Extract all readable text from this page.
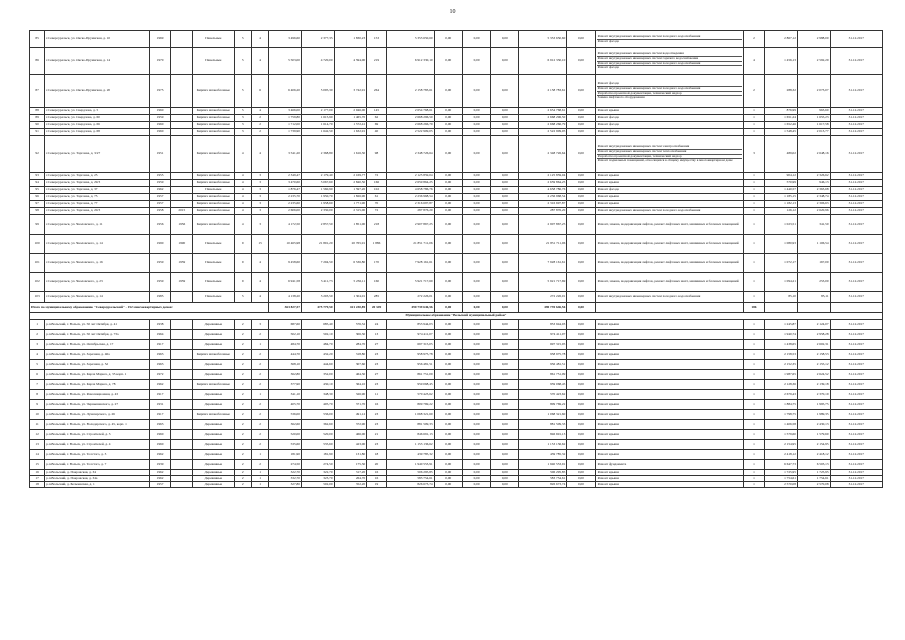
10
85	г.Североуральск, ул. Окско-Пруинская, д. 10	1969		Панельные	5	4	3 496,60	2 377,35	1 830,23	153	5 353 650,60	0,00	0,00	0,00	5 353 650,60	0,00	Ремонт внутридомовых инженерных систем холодного водоснабжения
Ремонт фасада	2	2 867,12	2 988,00	31.12.2017
86	г.Североуральск, ул. Окско-Пруинская, д. 14	1970		Панельные	5	4	5 503,00	4 720,00	4 594,00	219	6 912 330,10	0,00	0,00	0,00	6 912 330,10	0,00	Ремонт внутридомовых инженерных систем водоотведения
Ремонт внутридомовых инженерных систем горячего водоснабжения
Ремонт внутридомовых инженерных систем холодного водоснабжения
Ремонт фасада	4	1 456,13	2 592,29	31.12.2017
87	г.Североуральск, ул. Окско-Пруинская, д. 20	1975		Кирпич шлакоблочные	5	6	6 406,20	5 095,30	3 742,91	264	2 158 783,61	0,00	0,00	0,00	2 158 783,61	0,00	Ремонт фасада
Ремонт внутридомовых инженерных систем холодного водоснабжения
Разработка проектной документации, технический надзор
Замена лифтового оборудования	2	288,32	2 073,07	31.12.2017
88	г.Североуральск, ул. Свердлова, д. 5	1960		Кирпич шлакоблочные	5	4	3 466,00	2 177,00	2 946,00	145	2 654 768,61	0,00	0,00	0,00	2 654 768,61	0,00	Ремонт крыши	1	876,99	963,60	31.12.2017
89	г.Североуральск, ул. Свердлова, д. 60	1959		Кирпич шлакоблочные	3	2	1 759,80	1 615,90	1 465,70	62	2 668 296,50	0,00	0,00	0,00	2 668 296,50	0,00	Ремонт фасада	1	1 651,24	1 655,23	31.12.2017
90	г.Североуральск, ул. Свердлова, д. 66	1960		Кирпич шлакоблочные	3	2	1 712,00	1 614,70	1 572,41	69	2 668 266,79	0,00	0,00	0,00	2 668 266,79	0,00	Ремонт фасада	1	1 652,46	1 617,58	31.12.2017
91	г.Североуральск, ул. Свердлова, д. 68	1960		Кирпич шлакоблочные	3	2	1 739,90	1 642,50	1 632,91	40	2 522 909,05	0,00	0,00	0,00	2 522 909,05	0,00	Ремонт фасада	1	1 548,45	2 013,77	31.12.2017
92	г.Североуральск, ул. Торговая, д. 3/27	1951		Кирпич шлакоблочные	4	4	3 541,20	2 368,80	1 616,30	98	2 348 726,64	0,00	0,00	0,00	2 348 726,64	0,00	Ремонт внутридомовых инженерных систем электроснабжения
Ремонт внутридомовых инженерных систем теплоснабжения
Разработка проектной документации, технический надзор
Ремонт подвальных помещений, относящихся к общему имуществу в многоквартирном доме	3	489,02	2 648,16	31.12.2017
93	г.Североуральск, ул. Торговая, д. 25	1955		Кирпич шлакоблочные	4	3	2 349,47	2 179,40	2 169,77	72	2 125 859,04	0,00	0,00	0,00	2 125 859,04	0,00	Ремонт крыши	1	904,12	2 326,62	31.12.2017
94	г.Североуральск, ул. Торговая, д. 29/3	1959		Кирпич шлакоблочные	4	3	3 470,60	3 067,60	2 840,50	166	2 659 864,25	0,00	0,00	0,00	2 659 864,25	0,00	Ремонт крыши	1	570,99	946,13	31.12.2017
95	г.Североуральск, ул. Торговая, д. 37	1962		Панельные	4	3	1 876,47	1 560,90	1 597,20	102	4 658 786,76	0,00	0,00	0,00	4 658 786,76	0,00	Ремонт фасада	1	1 440,57	2 363,68	31.12.2017
96	г.Североуральск, ул. Торговая, д. 75	1957		Кирпич шлакоблочные	4	3	2 235,70	1 950,70	1 826,90	61	2 236 968,54	0,00	0,00	0,00	2 236 968,54	0,00	Ремонт крыши	1	1 185,15	2 348,74	31.12.2017
97	г.Североуральск, ул. Торговая, д. 77	1957		Кирпич шлакоблочные	4	3	2 235,60	1 958,60	1 771,90	70	2 316 697,87	0,00	0,00	0,00	2 316 697,87	0,00	Ремонт крыши	1	1 182,13	2 306,63	31.12.2017
98	г.Североуральск, ул. Торговая, д. 20/3	1958	2015	Кирпич шлакоблочные	4	3	2 606,00	2 330,00	2 315,00	72	287 876,20	0,00	0,00	0,00	287 876,20	0,00	Ремонт внутридомовых инженерных систем холодного водоснабжения	1	126,12	2 620,96	31.12.2017
99	г.Североуральск, ул. Чкаловского, д. 11	1956	1956	Кирпич шлакоблочные	4	3	4 172,50	2 857,50	1 851,00	218	2 907 867,25	0,00	0,00	0,00	2 907 867,25	0,00	Ремонт, замена, модернизация лифтов, ремонт лифтовых шахт, машинных и блочных помещений	1	1 023,51	341,50	31.12.2017
100	г.Североуральск, ул. Чкаловского, д. 14	1990	1990	Панельные	9	15	10 465,98	21 891,20	20 765,91	1 886	21 851 711,06	0,00	0,00	0,00	21 851 711,06	0,00	Ремонт, замена, модернизация лифтов, ремонт лифтовых шахт, машинных и блочных помещений	1	1 080,93	1 106,54	31.12.2017
101	г.Североуральск, ул. Чкаловского, д. 16	1959	1959	Панельные	9	4	9 458,60	7 294,50	6 536,80	170	7 928 161,61	0,00	0,00	0,00	7 928 161,61	0,00	Ремонт, замена, модернизация лифтов, ремонт лифтовых шахт, машинных и блочных помещений	1	1 072,17	167,00	31.12.2017
102	г.Североуральск, ул. Чкаловского, д. 23	1959	1959	Панельные	9	4	6 941,58	5 411,73	5 236,11	160	5 921 717,69	0,00	0,00	0,00	5 921 717,69	0,00	Ремонт, замена, модернизация лифтов, ремонт лифтовых шахт, машинных и блочных помещений	1	1 094,21	253,00	31.12.2017
103	г.Североуральск, ул. Чкаловского, д. 14	1985		Панельные	5	4	4 138,20	3 203,50	1 304,01	285	272 226,01	0,00	0,00	0,00	272 226,01	0,00	Ремонт внутридомовых инженерных систем холодного водоснабжения	1	85,10	85,11	31.12.2017
Итого по муниципальному образованию "Североуральский" - 152 многоквартирных домов:							363 827,57	475 779,50	421 230,89	20 349	490 739 646,56	0,00	0,00	0,00	490 739 646,56	0,00		186			
Муниципальное образование "Вольский муниципальный район"																					
1	р.п.Вольский, г. Вольск, ул. 50 лет Октября, д. 41	1938		Деревянные	2	3	687,60	685,40	576,32	24	853 944,03	0,00	0,00	0,00	853 944,03	0,00	Ремонт крыши	1	1 245,87	2 124,07	31.12.2017
2	р.п.Вольский, г. Вольск, ул. 50 лет Октября, д. 73а	1964		Деревянные	2	2	502,10	502,10	306,30	13	974 411,07	0,00	0,00	0,00	974 411,07	0,00	Ремонт крыши	1	1 940,74	2 958,28	31.12.2017
3	р.п.Вольский, г. Вольск, ул. Октябрьская, д. 17	1917		Деревянные	2	1	484,70	484,70	284,70	27	697 315,05	0,00	0,00	0,00	697 315,05	0,00	Ремонт крыши	1	1 438,65	2 602,31	31.12.2017
4	р.п.Вольский, г. Вольск, ул. Заречная, д. 46а	1963		Кирпич шлакоблочные	2	2	444,70	432,20	318,80	23	958 975,78	0,00	0,00	0,00	958 975,78	0,00	Ремонт крыши	1	2 158,53	2 158,53	31.12.2017
5	р.п.Вольский, г. Вольск, ул. Заречная, д. 52	1963		Деревянные	2	2	368,10	444,60	307,60	23	956 481,51	0,00	0,00	0,00	956 481,51	0,00	Ремонт крыши	1	2 152,35	2 155,12	31.12.2017
6	р.п.Вольский, г. Вольск, ул. Карла Маркса, д. 35 корп. 1	1972		Деревянные	2	2	362,80	352,00	464,30	27	861 751,09	0,00	0,00	0,00	861 751,09	0,00	Ремонт крыши	1	1 987,65	2 624,52	31.12.2017
7	р.п.Вольский, г. Вольск, ул. Карла Маркса, д. 78	1962		Кирпич шлакоблочные	2	2	377,90	430,10	364,10	23	959 068,45	0,00	0,00	0,00	959 068,45	0,00	Ремонт крыши	1	2 128,36	2 139,18	31.12.2017
8	р.п.Вольский, г. Вольск, ул. Революционная, д. 43	1917		Деревянные	2	1	341,10	348,30	326,90	11	570 423,62	0,00	0,00	0,00	570 423,62	0,00	Ремонт крыши	1	2 679,43	2 370,19	31.12.2017
9	р.п.Вольский, г. Вольск, ул. Чернышевского, д. 27	1931		Деревянные	2	2	405,70	405,70	371,70	16	809 769,22	0,00	0,00	0,00	809 769,22	0,00	Ремонт крыши	1	1 884,75	1 995,75	31.12.2017
10	р.п.Вольский, г. Вольск, ул. Луначарского, д. 26	1917		Кирпич шлакоблочные	2	2	536,00	536,00	491,12	23	1 068 321,60	0,00	0,00	0,00	1 068 321,60	0,00	Ремонт крыши	1	1 798,75	1 989,35	31.12.2017
11	р.п.Вольский, г. Вольск, ул. Володарского, д. 45, корп. 1	1963		Деревянные	2	2	362,60	362,60	372,90	23	881 509,33	0,00	0,00	0,00	881 509,33	0,00	Ремонт крыши	1	1 406,58	2 430,13	31.12.2017
12	р.п.Вольский, г. Вольск, ул. Строителей, д. 3	1960		Деревянные	2	2	520,00	520,00	466,00	21	846 691,13	0,00	0,00	0,00	846 691,13	0,00	Ремонт крыши	1	1 579,60	1 579,60	31.12.2017
13	р.п.Вольский, г. Вольск, ул. Строителей, д. 4	1960		Деревянные	2	2	535,60	535,60	423,00	23	1 153 136,62	0,00	0,00	0,00	1 153 136,62	0,00	Ремонт крыши	1	2 154,95	2 154,95	31.12.2017
14	р.п.Вольский, г. Вольск, ул. Толстого, д. 3	1962		Деревянные	2	1	181,90	181,90	131,80	18	439 785,32	0,00	0,00	0,00	439 785,32	0,00	Ремонт крыши	1	2 418,12	2 418,12	31.12.2017
15	р.п.Вольский, г. Вольск, ул. Толстого, д. 7	1939		Деревянные	2	2	274,50	274,50	175,30	20	1 940 553,91	0,00	0,00	0,00	1 940 553,91	0,00	Ремонт фундамента	1	6 647,73	6 503,13	31.12.2017
16	р.п.Вольский, д. Покровская, д. 34	1962		Деревянные	2	1	322,70	322,70	317,20	16	506 295,85	0,00	0,00	0,00	506 295,85	0,00	Ремонт крыши	1	1 725,95	1 725,95	31.12.2017
17	р.п.Вольский, д. Покровская, д. 34а	1962		Деревянные	2	1	332,70	323,70	264,70	16	583 754,61	0,00	0,00	0,00	583 754,61	0,00	Ремонт крыши	1	1 754,61	1 754,61	31.12.2017
18	р.п.Вольский, д. Бельчевская, д. 1	1957		Деревянные	2	1	327,80	502,00	352,20	19	826 673,74	0,00	0,00	0,00	826 673,74	0,00	Ремонт крыши	1	2 570,08	2 570,08	31.12.2017
